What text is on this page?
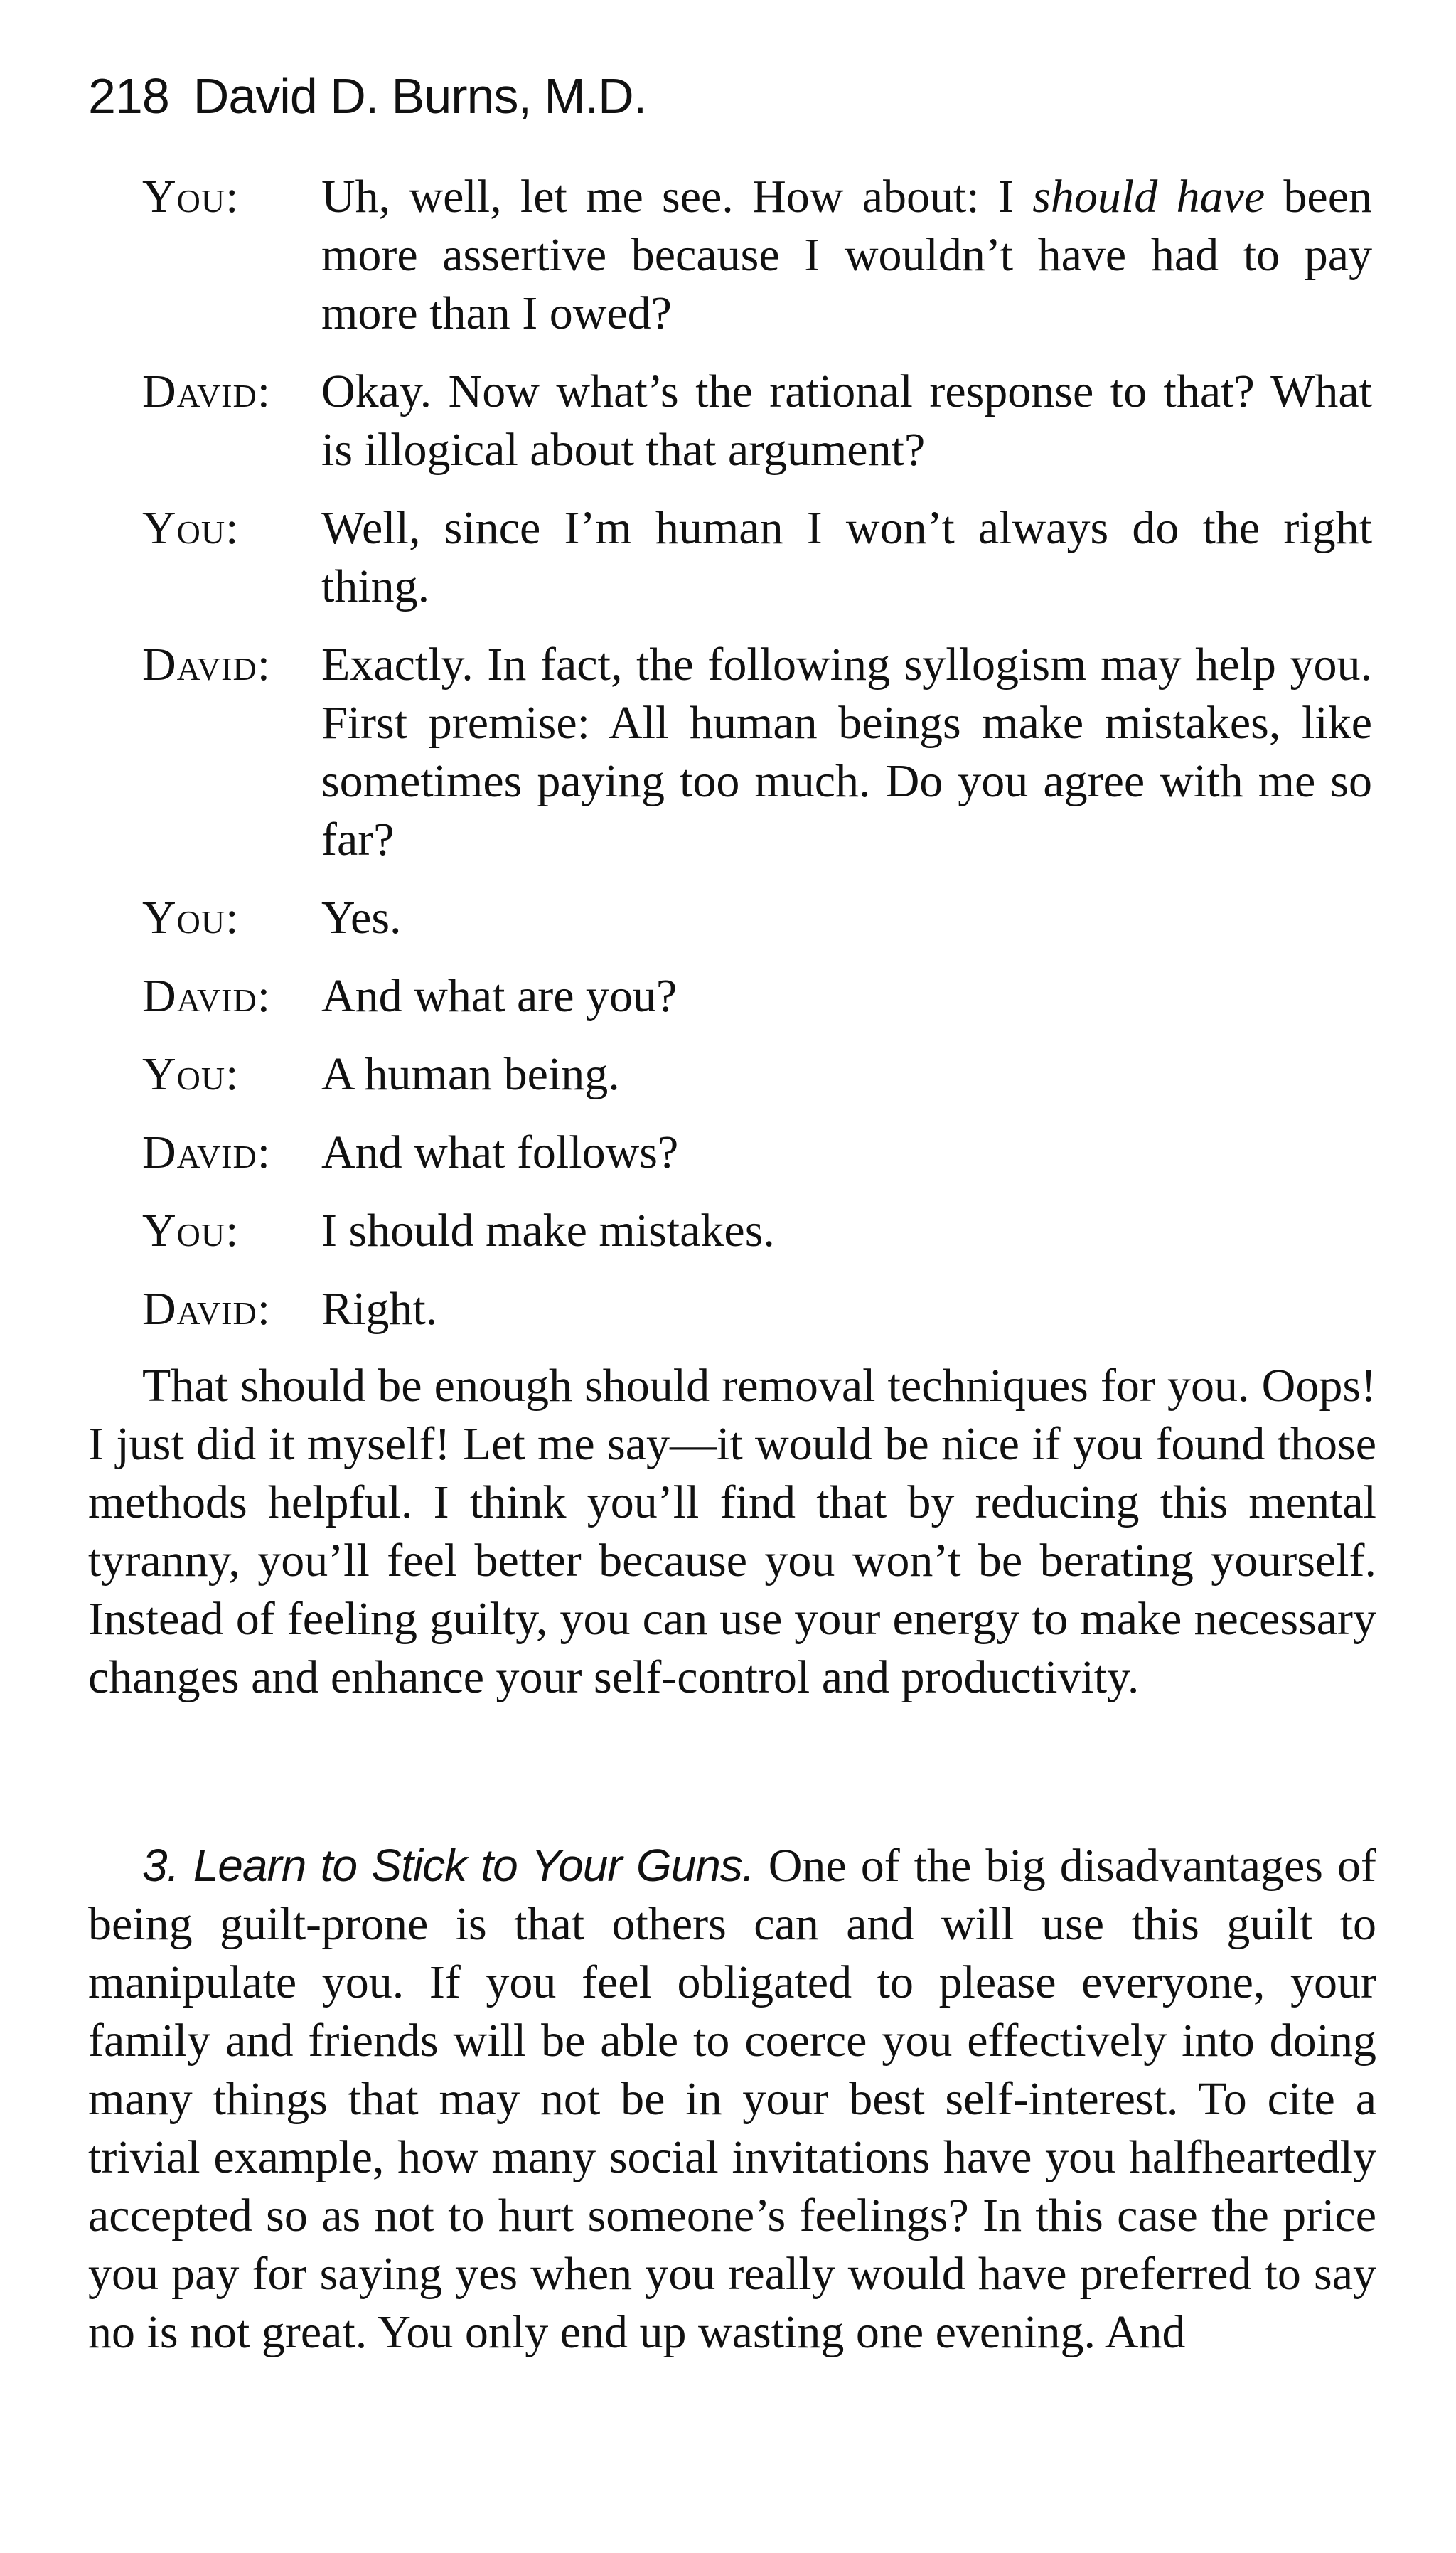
218 David D. Burns, M.D.
You:	Uh, well, let me see. How about: I should have been more assertive because I wouldn’t have had to pay more than I owed?
David:	Okay. Now what’s the rational response to that? What is illogical about that argument?
You:	Well, since I’m human I won’t always do the right thing.
David:	Exactly. In fact, the following syllogism may help you. First premise: All human beings make mistakes, like sometimes paying too much. Do you agree with me so far?
You:	Yes.
David:	And what are you?
You:	A human being.
David:	And what follows?
You:	I should make mistakes.
David:	Right.

That should be enough should removal techniques for you. Oops! I just did it myself! Let me say—it would be nice if you found those methods helpful. I think you’ll find that by reducing this mental tyranny, you’ll feel better because you won’t be berating yourself. Instead of feeling guilty, you can use your energy to make necessary changes and enhance your self-control and productivity.

3. Learn to Stick to Your Guns. One of the big disadvantages of being guilt-prone is that others can and will use this guilt to manipulate you. If you feel obligated to please everyone, your family and friends will be able to coerce you effectively into doing many things that may not be in your best self-interest. To cite a trivial example, how many social invitations have you halfheartedly accepted so as not to hurt someone’s feelings? In this case the price you pay for saying yes when you really would have preferred to say no is not great. You only end up wasting one evening. And
